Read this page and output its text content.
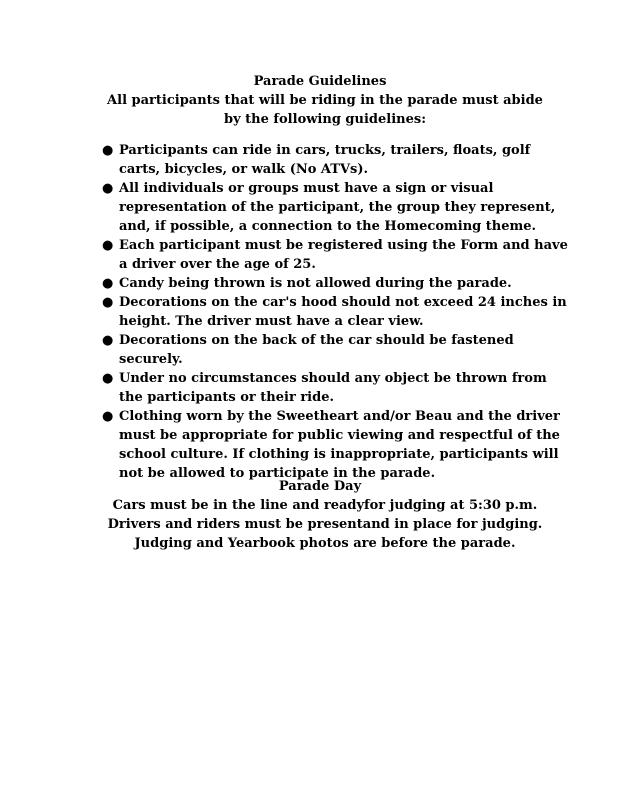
Parade Guidelines
All participants that will be riding in the parade must abide by the following guidelines:
● Participants can ride in cars, trucks, trailers, floats, golf carts, bicycles, or walk (No ATVs).
● All individuals or groups must have a sign or visual representation of the participant, the group they represent, and, if possible, a connection to the Homecoming theme.
● Each participant must be registered using the Form and have a driver over the age of 25.
● Candy being thrown is not allowed during the parade.
● Decorations on the car's hood should not exceed 24 inches in height. The driver must have a clear view.
● Decorations on the back of the car should be fastened securely.
● Under no circumstances should any object be thrown from the participants or their ride.
● Clothing worn by the Sweetheart and/or Beau and the driver must be appropriate for public viewing and respectful of the school culture. If clothing is inappropriate, participants will not be allowed to participate in the parade.
Parade Day

Cars must be in the line and readyfor judging at 5:30 p.m. Drivers and riders must be presentand in place for judging.

Judging and Yearbook photos are before the parade.
